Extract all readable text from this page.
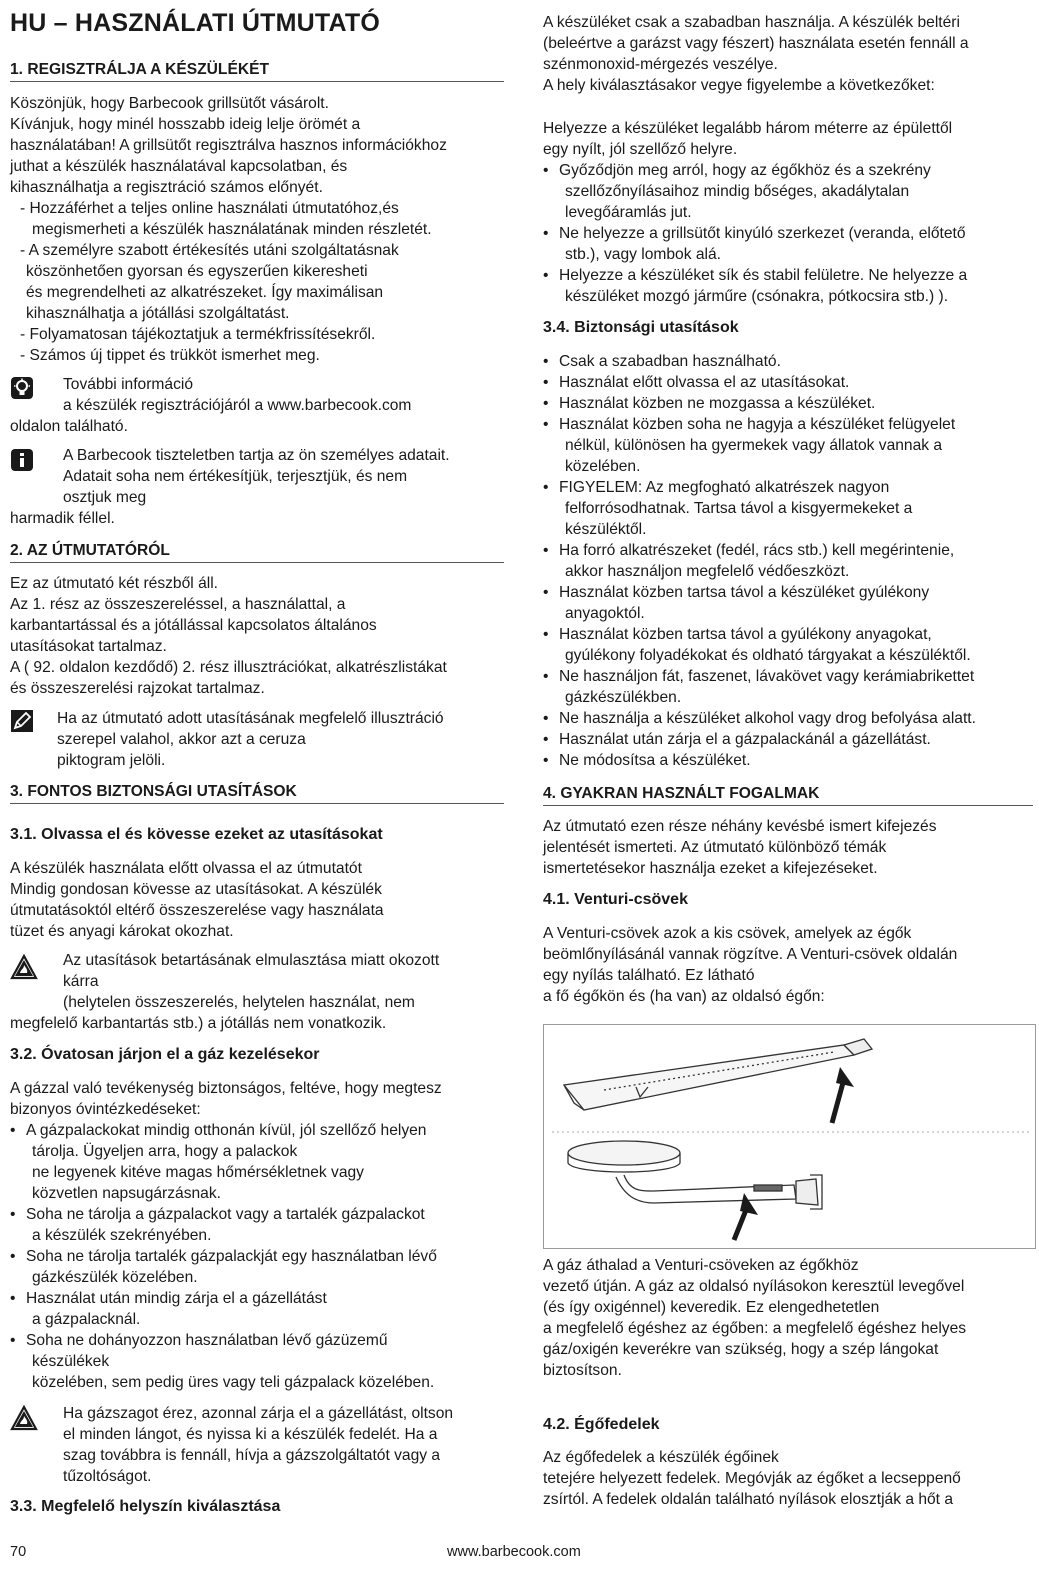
HU – HASZNÁLATI ÚTMUTATÓ
1. REGISZTRÁLJA A KÉSZÜLÉKÉT
Köszönjük, hogy Barbecook grillsütőt vásárolt.
Kívánjuk, hogy minél hosszabb ideig lelje örömét a
használatában! A grillsütőt regisztrálva hasznos információkhoz
juthat a készülék használatával kapcsolatban, és
kihasználhatja a regisztráció számos előnyét.
- Hozzáférhet a teljes online használati útmutatóhoz,és
megismerheti a készülék használatának minden részletét.
- A személyre szabott értékesítés utáni szolgáltatásnak
köszönhetően gyorsan és egyszerűen kikeresheti
és megrendelheti az alkatrészeket. Így maximálisan
kihasználhatja a jótállási szolgáltatást.
- Folyamatosan tájékoztatjuk a termékfrissítésekről.
- Számos új tippet és trükköt ismerhet meg.
További információ
a készülék regisztrációjáról a www.barbecook.com
oldalon található.
A Barbecook tiszteletben tartja az ön személyes adatait.
Adatait soha nem értékesítjük, terjesztjük, és nem
osztjuk meg
harmadik féllel.
2. AZ ÚTMUTATÓRÓL
Ez az útmutató két részből áll.
Az 1. rész az összeszereléssel, a használattal, a
karbantartással és a jótállással kapcsolatos általános
utasításokat tartalmaz.
A ( 92. oldalon kezdődő) 2. rész illusztrációkat, alkatrészlistákat
és összeszerelési rajzokat tartalmaz.
Ha az útmutató adott utasításának megfelelő illusztráció
szerepel valahol, akkor azt a ceruza
piktogram jelöli.
3. FONTOS BIZTONSÁGI UTASÍTÁSOK
3.1. Olvassa el és kövesse ezeket az utasításokat
A készülék használata előtt olvassa el az útmutatót
Mindig gondosan kövesse az utasításokat. A készülék
útmutatásoktól eltérő összeszerelése vagy használata
tüzet és anyagi károkat okozhat.
Az utasítások betartásának elmulasztása miatt okozott
kárra
(helytelen összeszerelés, helytelen használat, nem
megfelelő karbantartás stb.) a jótállás nem vonatkozik.
3.2. Óvatosan járjon el a gáz kezelésekor
A gázzal való tevékenység biztonságos, feltéve, hogy megtesz
bizonyos óvintézkedéseket:
• A gázpalackokat mindig otthonán kívül, jól szellőző helyen
tárolja. Ügyeljen arra, hogy a palackok
ne legyenek kitéve magas hőmérsékletnek vagy
közvetlen napsugárzásnak.
• Soha ne tárolja a gázpalackot vagy a tartalék gázpalackot
a készülék szekrényében.
• Soha ne tárolja tartalék gázpalackját egy használatban lévő
gázkészülék közelében.
• Használat után mindig zárja el a gázellátást
a gázpalacknál.
• Soha ne dohányozzon használatban lévő gázüzemű
készülékek
közelében, sem pedig üres vagy teli gázpalack közelében.
Ha gázszagot érez, azonnal zárja el a gázellátást, oltson
el minden lángot, és nyissa ki a készülék fedelét. Ha a
szag továbbra is fennáll, hívja a gázszolgáltatót vagy a
tűzoltóságot.
3.3. Megfelelő helyszín kiválasztása
A készüléket csak a szabadban használja. A készülék beltéri
(beleértve a garázst vagy fészert) használata esetén fennáll a
szénmonoxid-mérgezés veszélye.
A hely kiválasztásakor vegye figyelembe a következőket:
Helyezze a készüléket legalább három méterre az épülettől
egy nyílt, jól szellőző helyre.
• Győződjön meg arról, hogy az égőkhöz és a szekrény
szellőzőnyílásaihoz mindig bőséges, akadálytalan
levegőáramlás jut.
• Ne helyezze a grillsütőt kinyúló szerkezet (veranda, előtető
stb.), vagy lombok alá.
• Helyezze a készüléket sík és stabil felületre. Ne helyezze a
készüléket mozgó járműre (csónakra, pótkocsira stb.) ).
3.4. Biztonsági utasítások
• Csak a szabadban használható.
• Használat előtt olvassa el az utasításokat.
• Használat közben ne mozgassa a készüléket.
• Használat közben soha ne hagyja a készüléket felügyelet
nélkül, különösen ha gyermekek vagy állatok vannak a
közelében.
• FIGYELEM: Az megfogható alkatrészek nagyon
felforrósodhatnak. Tartsa távol a kisgyermekeket a
készüléktől.
• Ha forró alkatrészeket (fedél, rács stb.) kell megérintenie,
akkor használjon megfelelő védőeszközt.
• Használat közben tartsa távol a készüléket gyúlékony
anyagoktól.
• Használat közben tartsa távol a gyúlékony anyagokat,
gyúlékony folyadékokat és oldható tárgyakat a készüléktől.
• Ne használjon fát, faszenet, lávakövet vagy kerámiabrikettet
gázkészülékben.
• Ne használja a készüléket alkohol vagy drog befolyása alatt.
• Használat után zárja el a gázpalackánál a gázellátást.
• Ne módosítsa a készüléket.
4. GYAKRAN HASZNÁLT FOGALMAK
Az útmutató ezen része néhány kevésbé ismert kifejezés
jelentését ismerteti. Az útmutató különböző témák
ismertetésekor használja ezeket a kifejezéseket.
4.1. Venturi-csövek
A Venturi-csövek azok a kis csövek, amelyek az égők
beömlőnyílásánál vannak rögzítve. A Venturi-csövek oldalán
egy nyílás található. Ez látható
a fő égőkön és (ha van) az oldalsó égőn:
A gáz áthalad a Venturi-csöveken az égőkhöz
vezető útján. A gáz az oldalsó nyílásokon keresztül levegővel
(és így oxigénnel) keveredik. Ez elengedhetetlen
a megfelelő égéshez az égőben: a megfelelő égéshez helyes
gáz/oxigén keverékre van szükség, hogy a szép lángokat
biztosítson.
4.2. Égőfedelek
Az égőfedelek a készülék égőinek
tetejére helyezett fedelek. Megóvják az égőket a lecseppenő
zsírtól. A fedelek oldalán található nyílások elosztják a hőt a
70	www.barbecook.com
